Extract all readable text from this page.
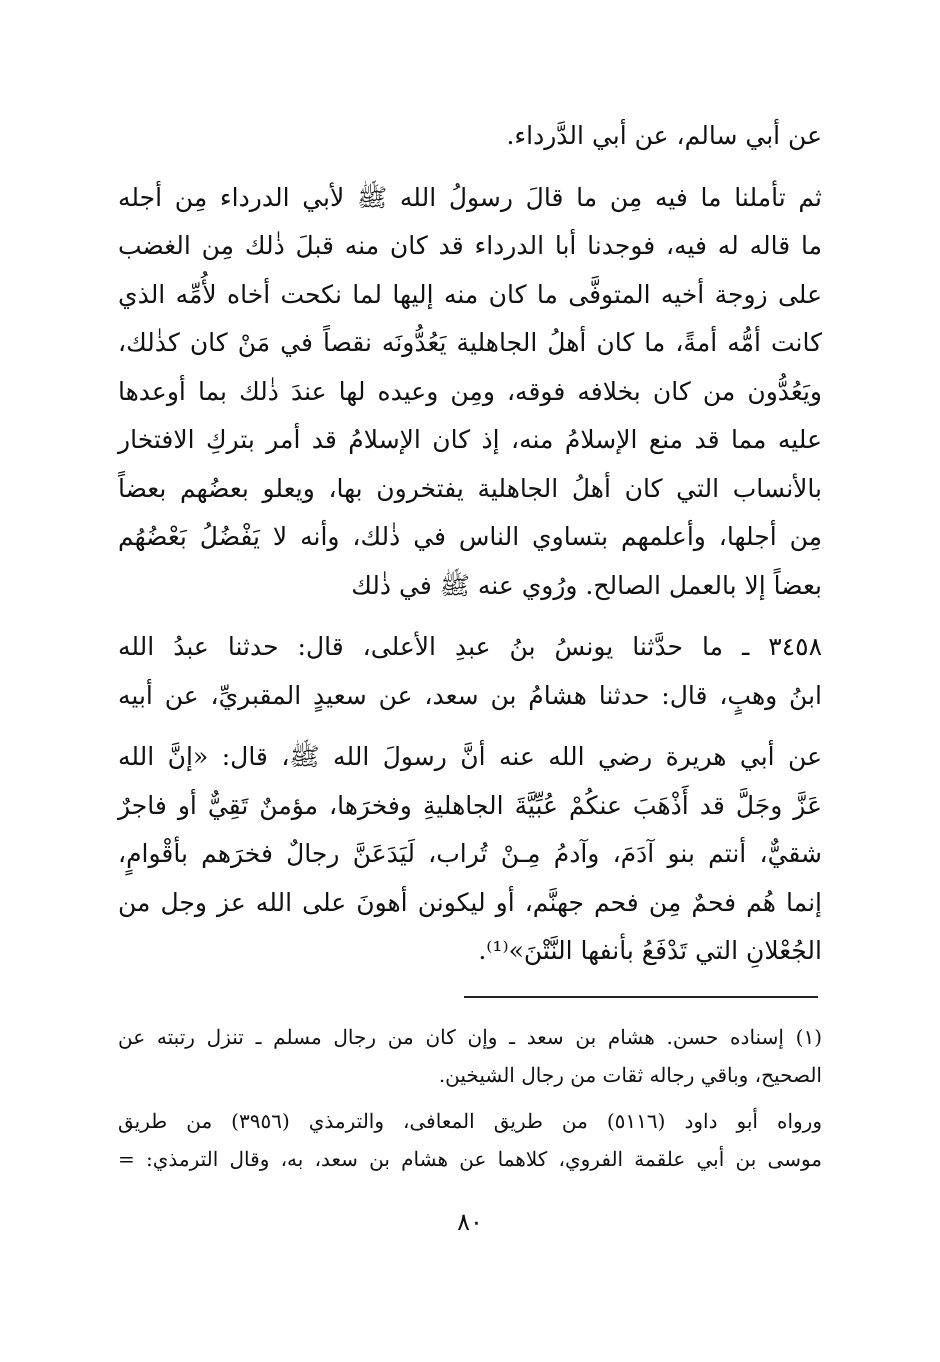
عن أبي سالم، عن أبي الدَّرداء.

ثم تأملنا ما فيه مِن ما قالَ رسولُ الله ﷺ لأبي الدرداء مِن أجله
ما قاله له فيه، فوجدنا أبا الدرداء قد كان منه قبلَ ذٰلك مِن الغضب
على زوجة أخيه المتوفَّى ما كان منه إليها لما نكحت أخاه لأُمِّه الذي
كانت أمُّه أمةً، ما كان أهلُ الجاهلية يَعُدُّونَه نقصاً في مَنْ كان كذٰلك،
ويَعُدُّون من كان بخلافه فوقه، ومِن وعيده لها عندَ ذٰلك بما أوعدها
عليه مما قد منع الإسلامُ منه، إذ كان الإسلامُ قد أمر بتركِ الافتخار
بالأنساب التي كان أهلُ الجاهلية يفتخرون بها، ويعلو بعضُهم بعضاً
مِن أجلها، وأعلمهم بتساوي الناس في ذٰلك، وأنه لا يَفْضُلُ بَعْضُهُم
بعضاً إلا بالعمل الصالح. ورُوي عنه ﷺ في ذٰلك

٣٤٥٨ ـ ما حدَّثنا يونسُ بنُ عبدِ الأعلى، قال: حدثنا عبدُ الله
ابنُ وهبٍ، قال: حدثنا هشامُ بن سعد، عن سعيدٍ المقبريِّ، عن أبيه

عن أبي هريرة رضي الله عنه أنَّ رسولَ الله ﷺ، قال: «إنَّ الله
عَزَّ وجَلَّ قد أَذْهَبَ عنكُمْ عُبِّيَّةَ الجاهليةِ وفخرَها، مؤمنٌ تَقِيٌّ أو فاجرٌ
شقيٌّ، أنتم بنو آدَمَ، وآدمُ مِـنْ تُراب، لَيَدَعَنَّ رجالٌ فخرَهم بأقْوامٍ،
إنما هُم فحمٌ مِن فحم جهنَّم، أو ليكونن أهونَ على الله عز وجل من
الجُعْلانِ التي تَدْفَعُ بأنفها النَّتْنَ»⁽¹⁾.

(١) إسناده حسن. هشام بن سعد ـ وإن كان من رجال مسلم ـ تنزل رتبته عن
الصحيح، وباقي رجاله ثقات من رجال الشيخين.

ورواه أبو داود (٥١١٦) من طريق المعافى، والترمذي (٣٩٥٦) من طريق
موسى بن أبي علقمة الفروي، كلاهما عن هشام بن سعد، به، وقال الترمذي: =

٨٠
